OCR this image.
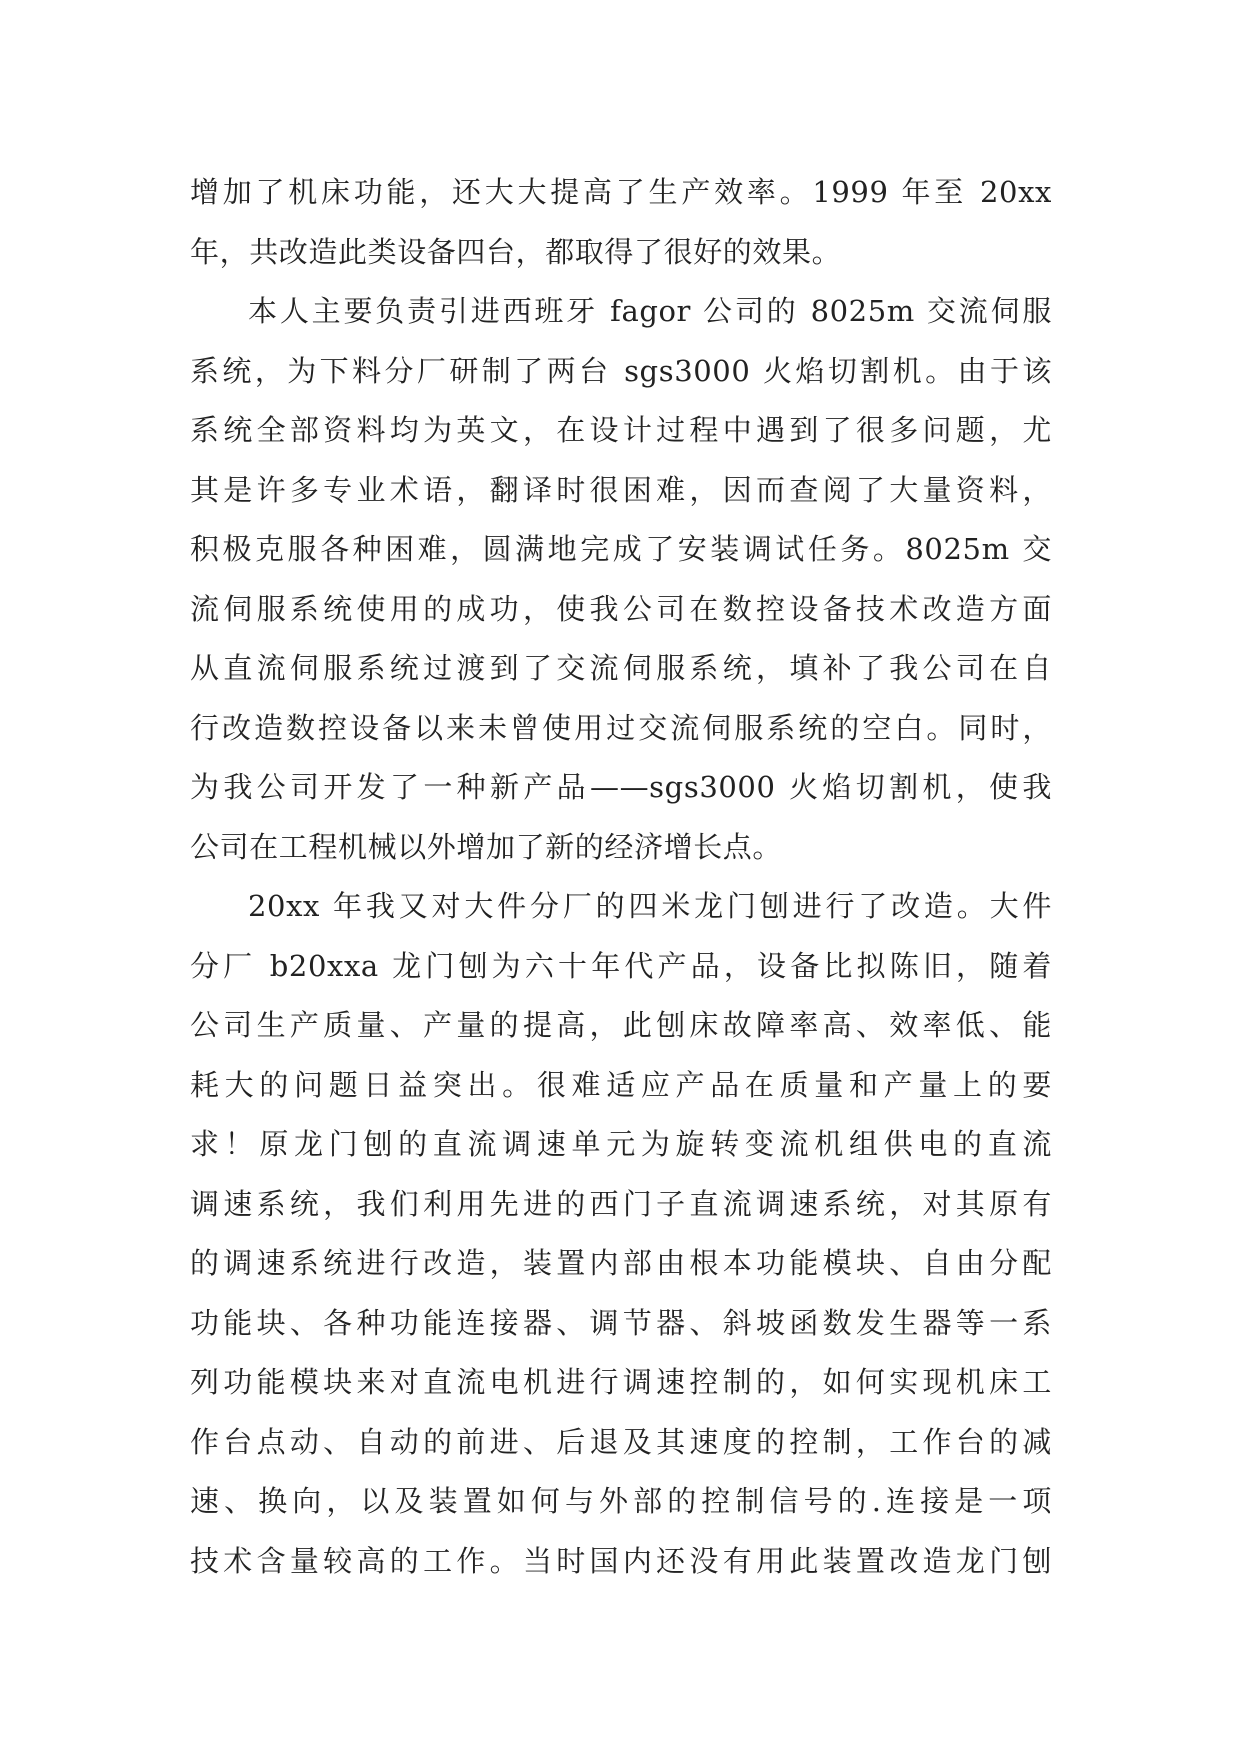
增加了机床功能，还大大提高了生产效率。1999 年至 20xx
年，共改造此类设备四台，都取得了很好的效果。
本人主要负责引进西班牙 fagor 公司的 8025m 交流伺服
系统，为下料分厂研制了两台 sgs3000 火焰切割机。由于该
系统全部资料均为英文，在设计过程中遇到了很多问题，尤
其是许多专业术语，翻译时很困难，因而查阅了大量资料，
积极克服各种困难，圆满地完成了安装调试任务。8025m 交
流伺服系统使用的成功，使我公司在数控设备技术改造方面
从直流伺服系统过渡到了交流伺服系统，填补了我公司在自
行改造数控设备以来未曾使用过交流伺服系统的空白。同时，
为我公司开发了一种新产品——sgs3000 火焰切割机，使我
公司在工程机械以外增加了新的经济增长点。
20xx 年我又对大件分厂的四米龙门刨进行了改造。大件
分厂 b20xxa 龙门刨为六十年代产品，设备比拟陈旧，随着
公司生产质量、产量的提高，此刨床故障率高、效率低、能
耗大的问题日益突出。很难适应产品在质量和产量上的要
求！原龙门刨的直流调速单元为旋转变流机组供电的直流
调速系统，我们利用先进的西门子直流调速系统，对其原有
的调速系统进行改造，装置内部由根本功能模块、自由分配
功能块、各种功能连接器、调节器、斜坡函数发生器等一系
列功能模块来对直流电机进行调速控制的，如何实现机床工
作台点动、自动的前进、后退及其速度的控制，工作台的减
速、换向，以及装置如何与外部的控制信号的.连接是一项
技术含量较高的工作。当时国内还没有用此装置改造龙门刨
